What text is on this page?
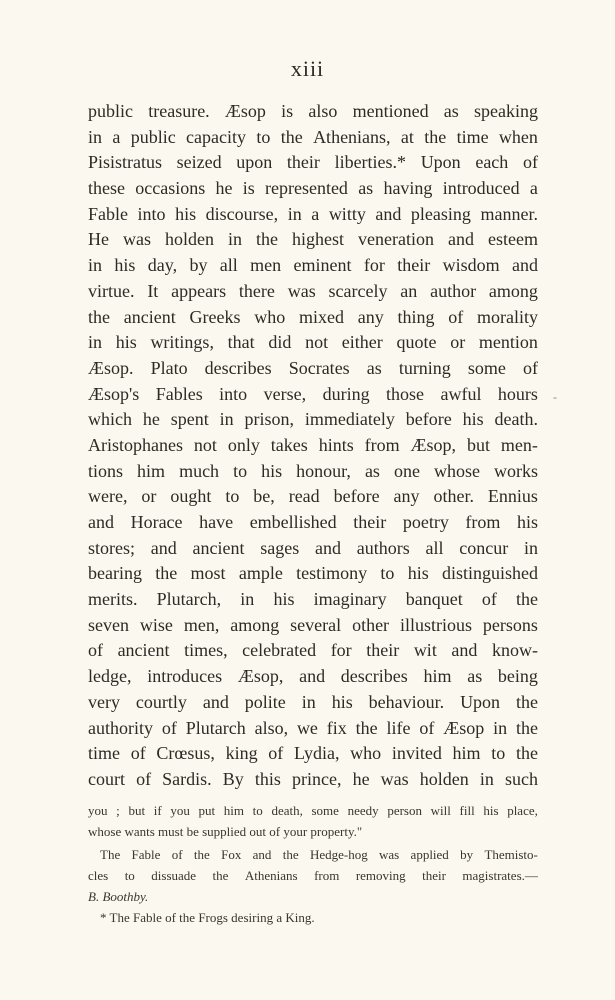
xiii
public treasure. Æsop is also mentioned as speaking
in a public capacity to the Athenians, at the time when
Pisistratus seized upon their liberties.* Upon each of
these occasions he is represented as having introduced a
Fable into his discourse, in a witty and pleasing manner.
He was holden in the highest veneration and esteem
in his day, by all men eminent for their wisdom and
virtue. It appears there was scarcely an author among
the ancient Greeks who mixed any thing of morality
in his writings, that did not either quote or mention
Æsop. Plato describes Socrates as turning some of
Æsop's Fables into verse, during those awful hours
which he spent in prison, immediately before his death.
Aristophanes not only takes hints from Æsop, but men-
tions him much to his honour, as one whose works
were, or ought to be, read before any other. Ennius
and Horace have embellished their poetry from his
stores; and ancient sages and authors all concur in
bearing the most ample testimony to his distinguished
merits. Plutarch, in his imaginary banquet of the
seven wise men, among several other illustrious persons
of ancient times, celebrated for their wit and know-
ledge, introduces Æsop, and describes him as being
very courtly and polite in his behaviour. Upon the
authority of Plutarch also, we fix the life of Æsop in the
time of Crœsus, king of Lydia, who invited him to the
court of Sardis. By this prince, he was holden in such
-
you ; but if you put him to death, some needy person will fill his place,
whose wants must be supplied out of your property."
The Fable of the Fox and the Hedge-hog was applied by Themisto-
cles to dissuade the Athenians from removing their magistrates.—
B. Boothby.
* The Fable of the Frogs desiring a King.
